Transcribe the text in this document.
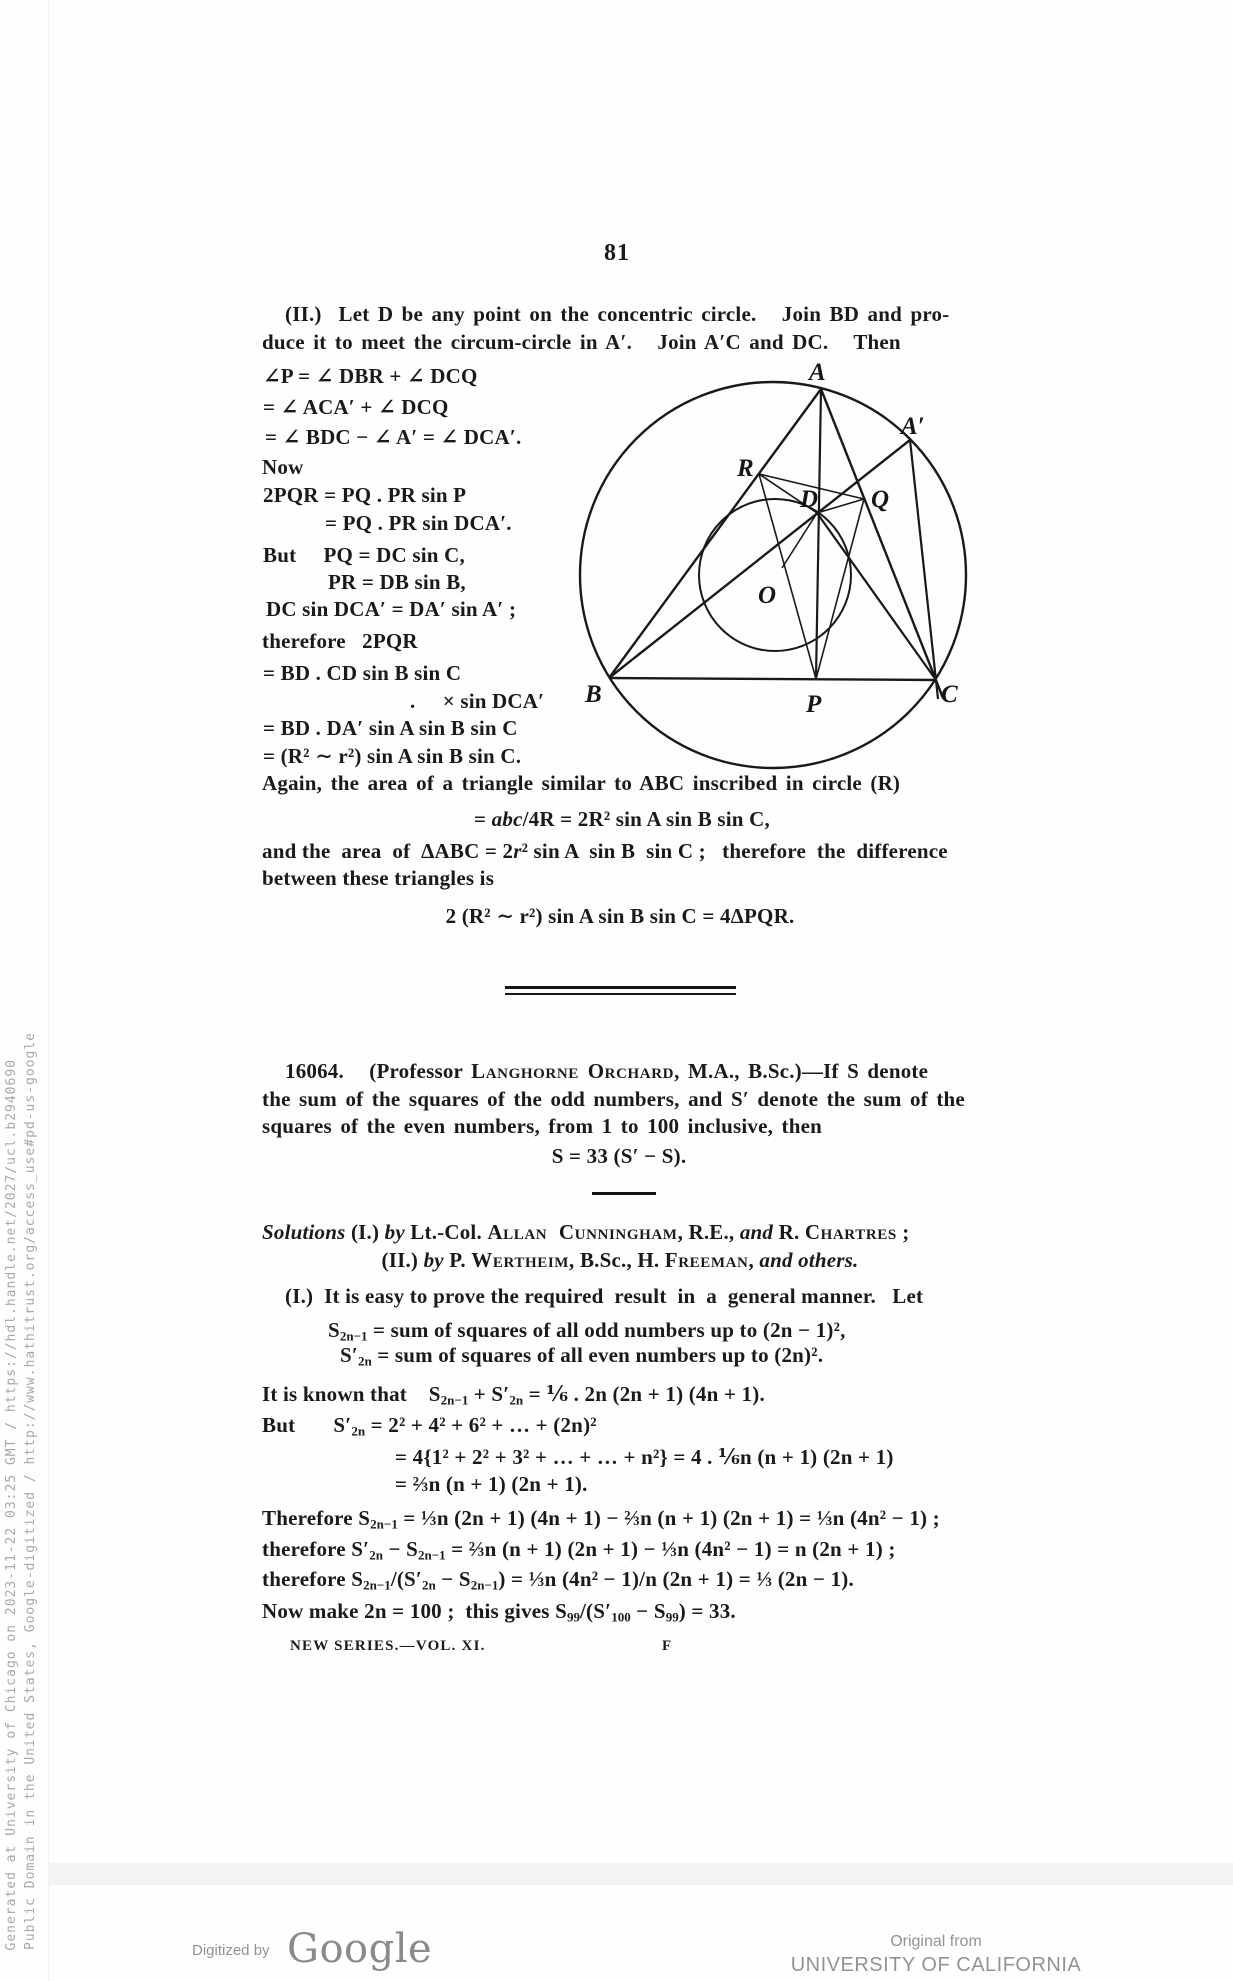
81
(II.)  Let D be any point on the concentric circle.   Join BD and pro-
duce it to meet the circum-circle in A′.   Join A′C and DC.   Then
∠P = ∠ DBR + ∠ DCQ
= ∠ ACA′ + ∠ DCQ
= ∠ BDC − ∠ A′ = ∠ DCA′.
Now
2PQR = PQ . PR sin P
= PQ . PR sin DCA′.
But     PQ = DC sin C,
PR = DB sin B,
DC sin DCA′ = DA′ sin A′ ;
therefore   2PQR
= BD . CD sin B sin C
.     × sin DCA′
= BD . DA′ sin A sin B sin C
= (R² ∼ r²) sin A sin B sin C.
A
A′
B	C
P
Q
R
D
O
Again, the area of a triangle similar to ABC inscribed in circle (R)
= abc/4R = 2R² sin A sin B sin C,
and the  area  of  ΔABC = 2r² sin A  sin B  sin C ;   therefore  the  difference
between these triangles is
2 (R² ∼ r²) sin A sin B sin C = 4ΔPQR.
16064.   (Professor Langhorne Orchard, M.A., B.Sc.)—If S denote
the sum of the squares of the odd numbers, and S′ denote the sum of the
squares of the even numbers, from 1 to 100 inclusive, then
S = 33 (S′ − S).
Solutions (I.) by Lt.-Col. Allan  Cunningham, R.E., and R. Chartres ;
(II.) by P. Wertheim, B.Sc., H. Freeman, and others.
(I.)  It is easy to prove the required  result  in  a  general manner.   Let
$S_{2n-1}$ = sum of squares of all odd numbers up to (2n − 1)²,
$S'_{2n}$ = sum of squares of all even numbers up to (2n)².
It is known that    $S_{2n-1} + S'_{2n}$ = ⅙ . 2n (2n + 1) (4n + 1).
But       $S'_{2n} = 2^2 + 4^2 + 6^2$ + … + (2n)²
= 4{1² + 2² + 3² + … + … + n²} = 4 . ⅙n (n + 1) (2n + 1)
= ⅔n (n + 1) (2n + 1).
Therefore $S_{2n-1}$ = ⅓n (2n + 1) (4n + 1) − ⅔n (n + 1) (2n + 1) = ⅓n (4n² − 1) ;
therefore $S'_{2n} - S_{2n-1}$ = ⅔n (n + 1) (2n + 1) − ⅓n (4n² − 1) = n (2n + 1) ;
therefore $S_{2n-1}/(S'_{2n} - S_{2n-1})$ = ⅓n (4n² − 1)/n (2n + 1) = ⅓ (2n − 1).
Now make 2n = 100 ;  this gives $S_{99}/(S'_{100} - S_{99}) = 33$.
NEW SERIES.—VOL. XI.	F
Generated at University of Chicago on 2023-11-22 03:25 GMT / https://hdl.handle.net/2027/ucl.b2940690 Public Domain in the United States, Google-digitized / http://www.hathitrust.org/access_use#pd-us-google
Digitized by Google	Original from
UNIVERSITY OF CALIFORNIA
